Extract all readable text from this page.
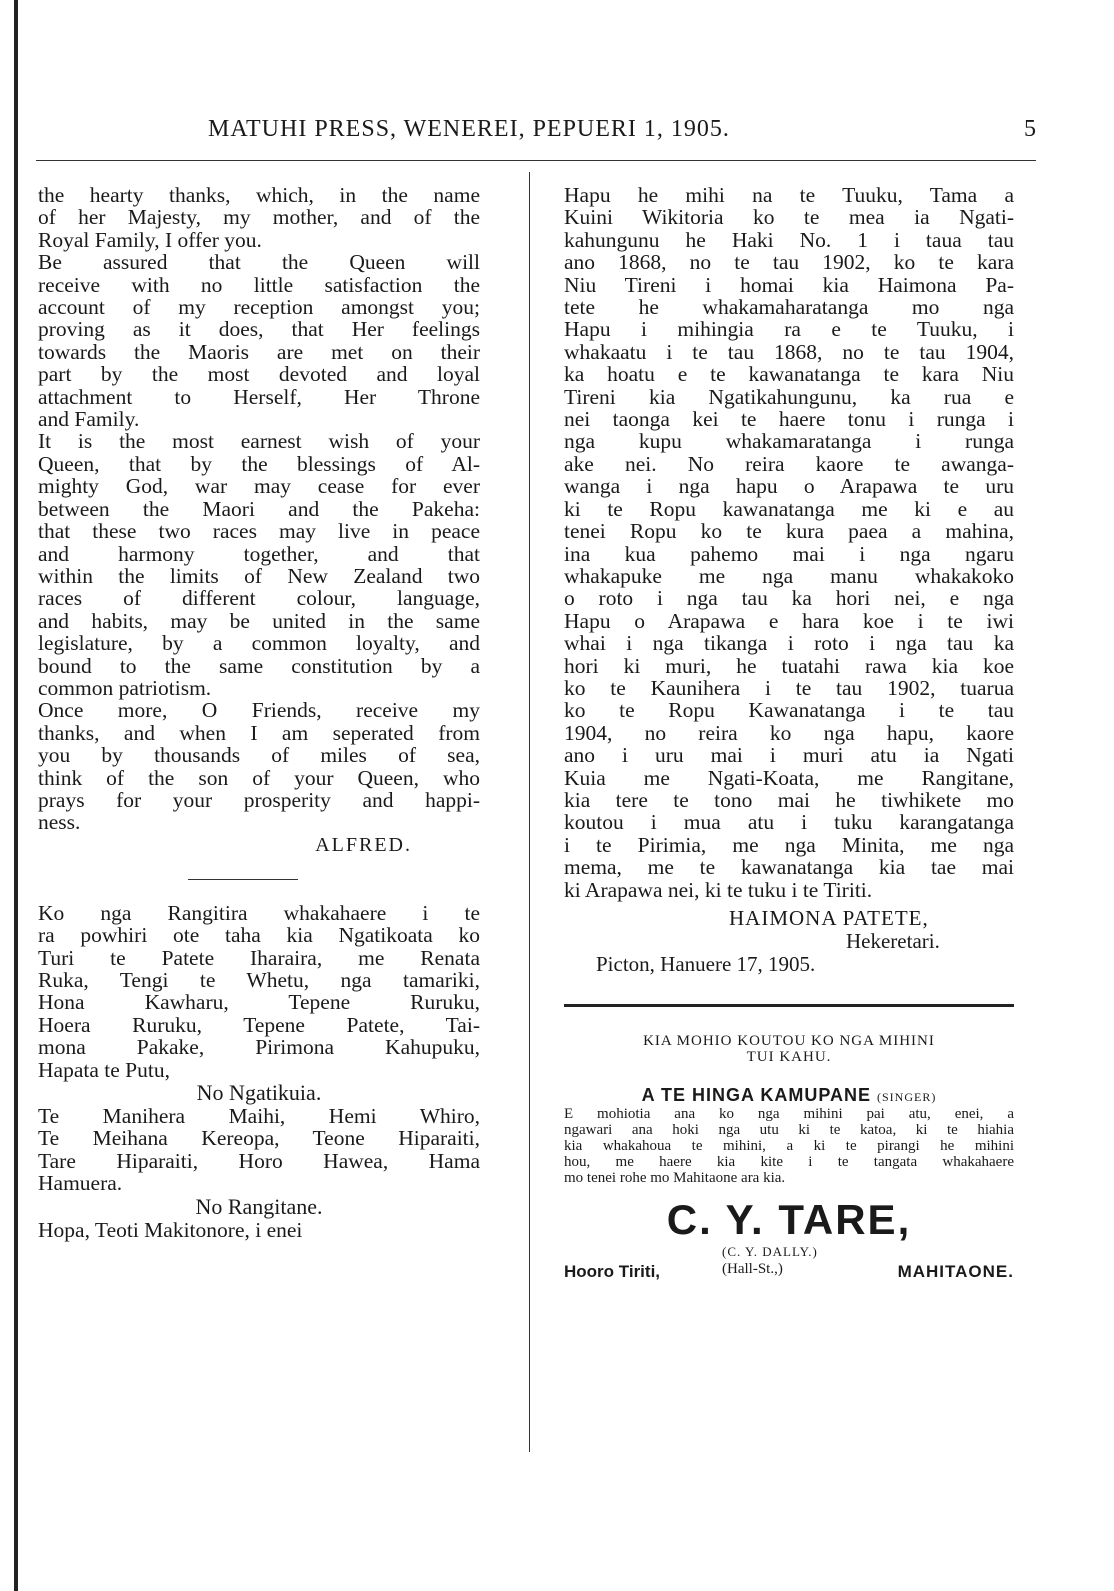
MATUHI PRESS, WENEREI, PEPUERI 1, 1905.	5
the hearty thanks, which, in the name
of her Majesty, my mother, and of the
Royal Family, I offer you.
Be assured that the Queen will
receive with no little satisfaction the
account of my reception amongst you;
proving as it does, that Her feelings
towards the Maoris are met on their
part by the most devoted and loyal
attachment to Herself, Her Throne
and Family.
It is the most earnest wish of your
Queen, that by the blessings of Al-
mighty God, war may cease for ever
between the Maori and the Pakeha:
that these two races may live in peace
and harmony together, and that
within the limits of New Zealand two
races of different colour, language,
and habits, may be united in the same
legislature, by a common loyalty, and
bound to the same constitution by a
common patriotism.
Once more, O Friends, receive my
thanks, and when I am seperated from
you by thousands of miles of sea,
think of the son of your Queen, who
prays for your prosperity and happi-
ness.

ALFRED.

Ko nga Rangitira whakahaere i te
ra powhiri ote taha kia Ngatikoata ko
Turi te Patete Iharaira, me Renata
Ruka, Tengi te Whetu, nga tamariki,
Hona Kawharu, Tepene Ruruku,
Hoera Ruruku, Tepene Patete, Tai-
mona Pakake, Pirimona Kahupuku,
Hapata te Putu,

No Ngatikuia.

Te Manihera Maihi, Hemi Whiro,
Te Meihana Kereopa, Teone Hiparaiti,
Tare Hiparaiti, Horo Hawea, Hama
Hamuera.

No Rangitane.

Hopa, Teoti Makitonore, i enei
Hapu he mihi na te Tuuku, Tama a
Kuini Wikitoria ko te mea ia Ngati-
kahungunu he Haki No. 1 i taua tau
ano 1868, no te tau 1902, ko te kara
Niu Tireni i homai kia Haimona Pa-
tete he whakamaharatanga mo nga
Hapu i mihingia ra e te Tuuku, i
whakaatu i te tau 1868, no te tau 1904,
ka hoatu e te kawanatanga te kara Niu
Tireni kia Ngatikahungunu, ka rua e
nei taonga kei te haere tonu i runga i
nga kupu whakamaratanga i runga
ake nei. No reira kaore te awanga-
wanga i nga hapu o Arapawa te uru
ki te Ropu kawanatanga me ki e au
tenei Ropu ko te kura paea a mahina,
ina kua pahemo mai i nga ngaru
whakapuke me nga manu whakakoko
o roto i nga tau ka hori nei, e nga
Hapu o Arapawa e hara koe i te iwi
whai i nga tikanga i roto i nga tau ka
hori ki muri, he tuatahi rawa kia koe
ko te Kaunihera i te tau 1902, tuarua
ko te Ropu Kawanatanga i te tau
1904, no reira ko nga hapu, kaore
ano i uru mai i muri atu ia Ngati
Kuia me Ngati-Koata, me Rangitane,
kia tere te tono mai he tiwhikete mo
koutou i mua atu i tuku karangatanga
i te Pirimia, me nga Minita, me nga
mema, me te kawanatanga kia tae mai
ki Arapawa nei, ki te tuku i te Tiriti.
HAIMONA PATETE,
Hekeretari.
Picton, Hanuere 17, 1905.
KIA MOHIO KOUTOU KO NGA MIHINI
TUI KAHU.
A TE HINGA KAMUPANE (SINGER)
E mohiotia ana ko nga mihini pai atu, enei, a
ngawari ana hoki nga utu ki te katoa, ki te hiahia
kia whakahoua te mihini, a ki te pirangi he mihini
hou, me haere kia kite i te tangata whakahaere
mo tenei rohe mo Mahitaone ara kia.
C. Y. TARE,
(C. Y. DALLY.)
Hooro Tiriti,	(Hall-St.,)	MAHITAONE.
